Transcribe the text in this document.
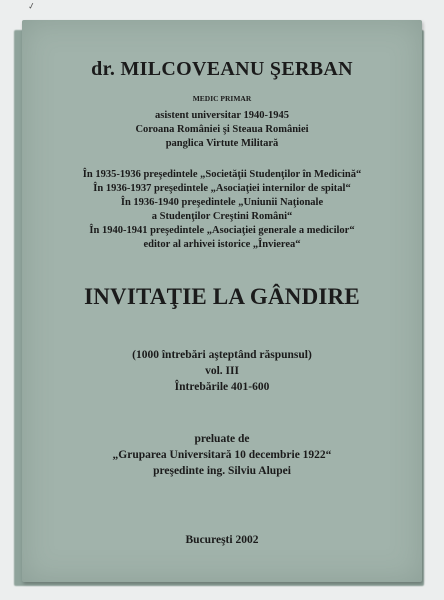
✓
dr. MILCOVEANU ŞERBAN
MEDIC PRIMAR
asistent universitar 1940-1945
Coroana României şi Steaua României
panglica Virtute Militară
În 1935-1936 preşedintele „Societăţii Studenţilor în Medicină“
În 1936-1937 preşedintele „Asociaţiei internilor de spital“
În 1936-1940 preşedintele „Uniunii Naţionale
a Studenţilor Creştini Români“
În 1940-1941 preşedintele „Asociaţiei generale a medicilor“
editor al arhivei istorice „Învierea“
INVITAŢIE LA GÂNDIRE
(1000 întrebări aşteptând răspunsul)
vol. III
Întrebările 401-600
preluate de
„Gruparea Universitară 10 decembrie 1922“
preşedinte ing. Silviu Alupei
Bucureşti 2002
